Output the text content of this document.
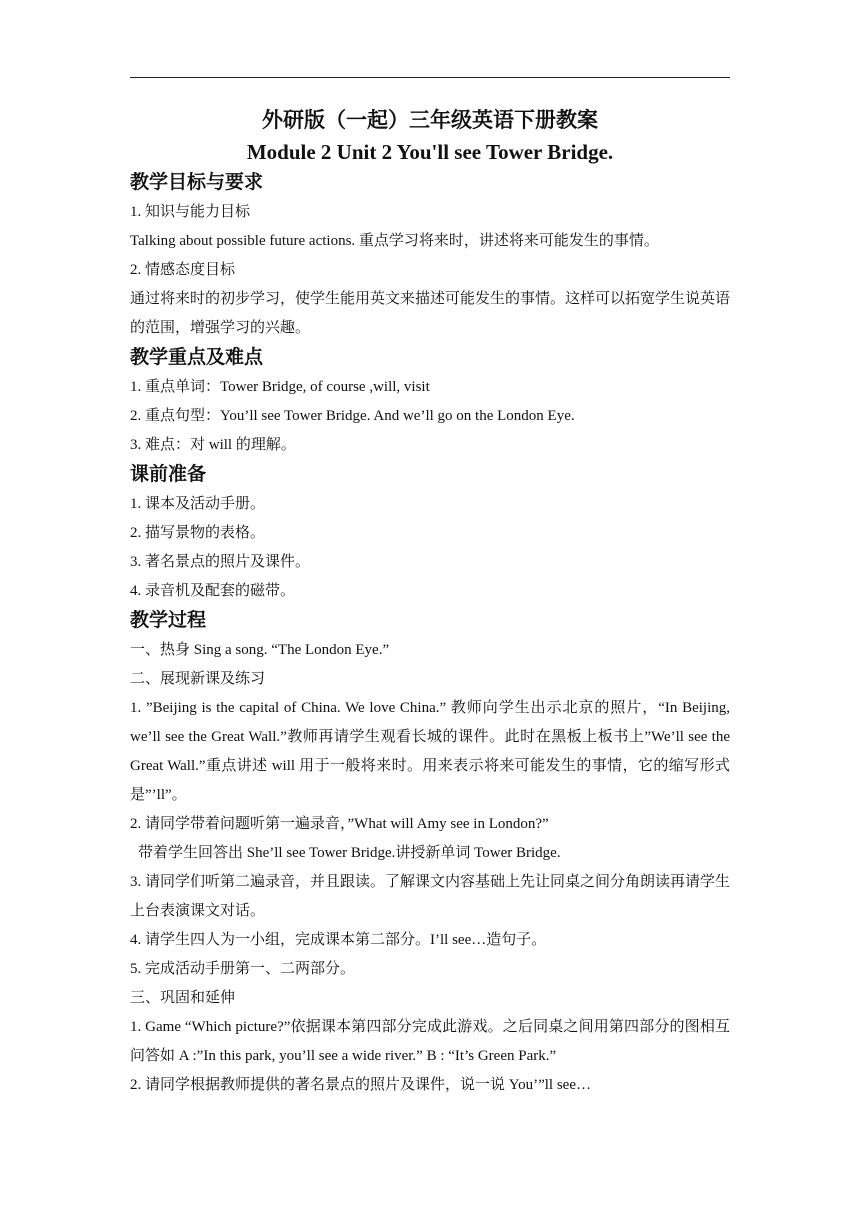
外研版（一起）三年级英语下册教案
Module 2 Unit 2 You'll see Tower Bridge.
教学目标与要求
1. 知识与能力目标
Talking about possible future actions. 重点学习将来时，讲述将来可能发生的事情。
2. 情感态度目标
通过将来时的初步学习，使学生能用英文来描述可能发生的事情。这样可以拓宽学生说英语的范围，增强学习的兴趣。
教学重点及难点
1. 重点单词：Tower Bridge, of course ,will, visit
2. 重点句型：You’ll see Tower Bridge. And we’ll go on the London Eye.
3. 难点：对 will 的理解。
课前准备
1. 课本及活动手册。
2. 描写景物的表格。
3. 著名景点的照片及课件。
4. 录音机及配套的磁带。
教学过程
一、热身 Sing a song. “The London Eye.”
二、展现新课及练习
1. ”Beijing is the capital of China. We love China.” 教师向学生出示北京的照片，“In Beijing, we’ll see the Great Wall.”教师再请学生观看长城的课件。此时在黑板上板书上”We’ll see the Great Wall.”重点讲述 will 用于一般将来时。用来表示将来可能发生的事情，它的缩写形式是”’ll”。
2. 请同学带着问题听第一遍录音，”What will Amy see in London?”
带着学生回答出 She’ll see Tower Bridge.讲授新单词 Tower Bridge.
3. 请同学们听第二遍录音，并且跟读。了解课文内容基础上先让同桌之间分角朗读再请学生上台表演课文对话。
4. 请学生四人为一小组，完成课本第二部分。I’ll see…造句子。
5. 完成活动手册第一、二两部分。
三、巩固和延伸
1. Game “Which picture?”依据课本第四部分完成此游戏。之后同桌之间用第四部分的图相互问答如 A :”In this park, you’ll see a wide river.” B : “It’s Green Park.”
2. 请同学根据教师提供的著名景点的照片及课件，说一说 You’”ll see…
